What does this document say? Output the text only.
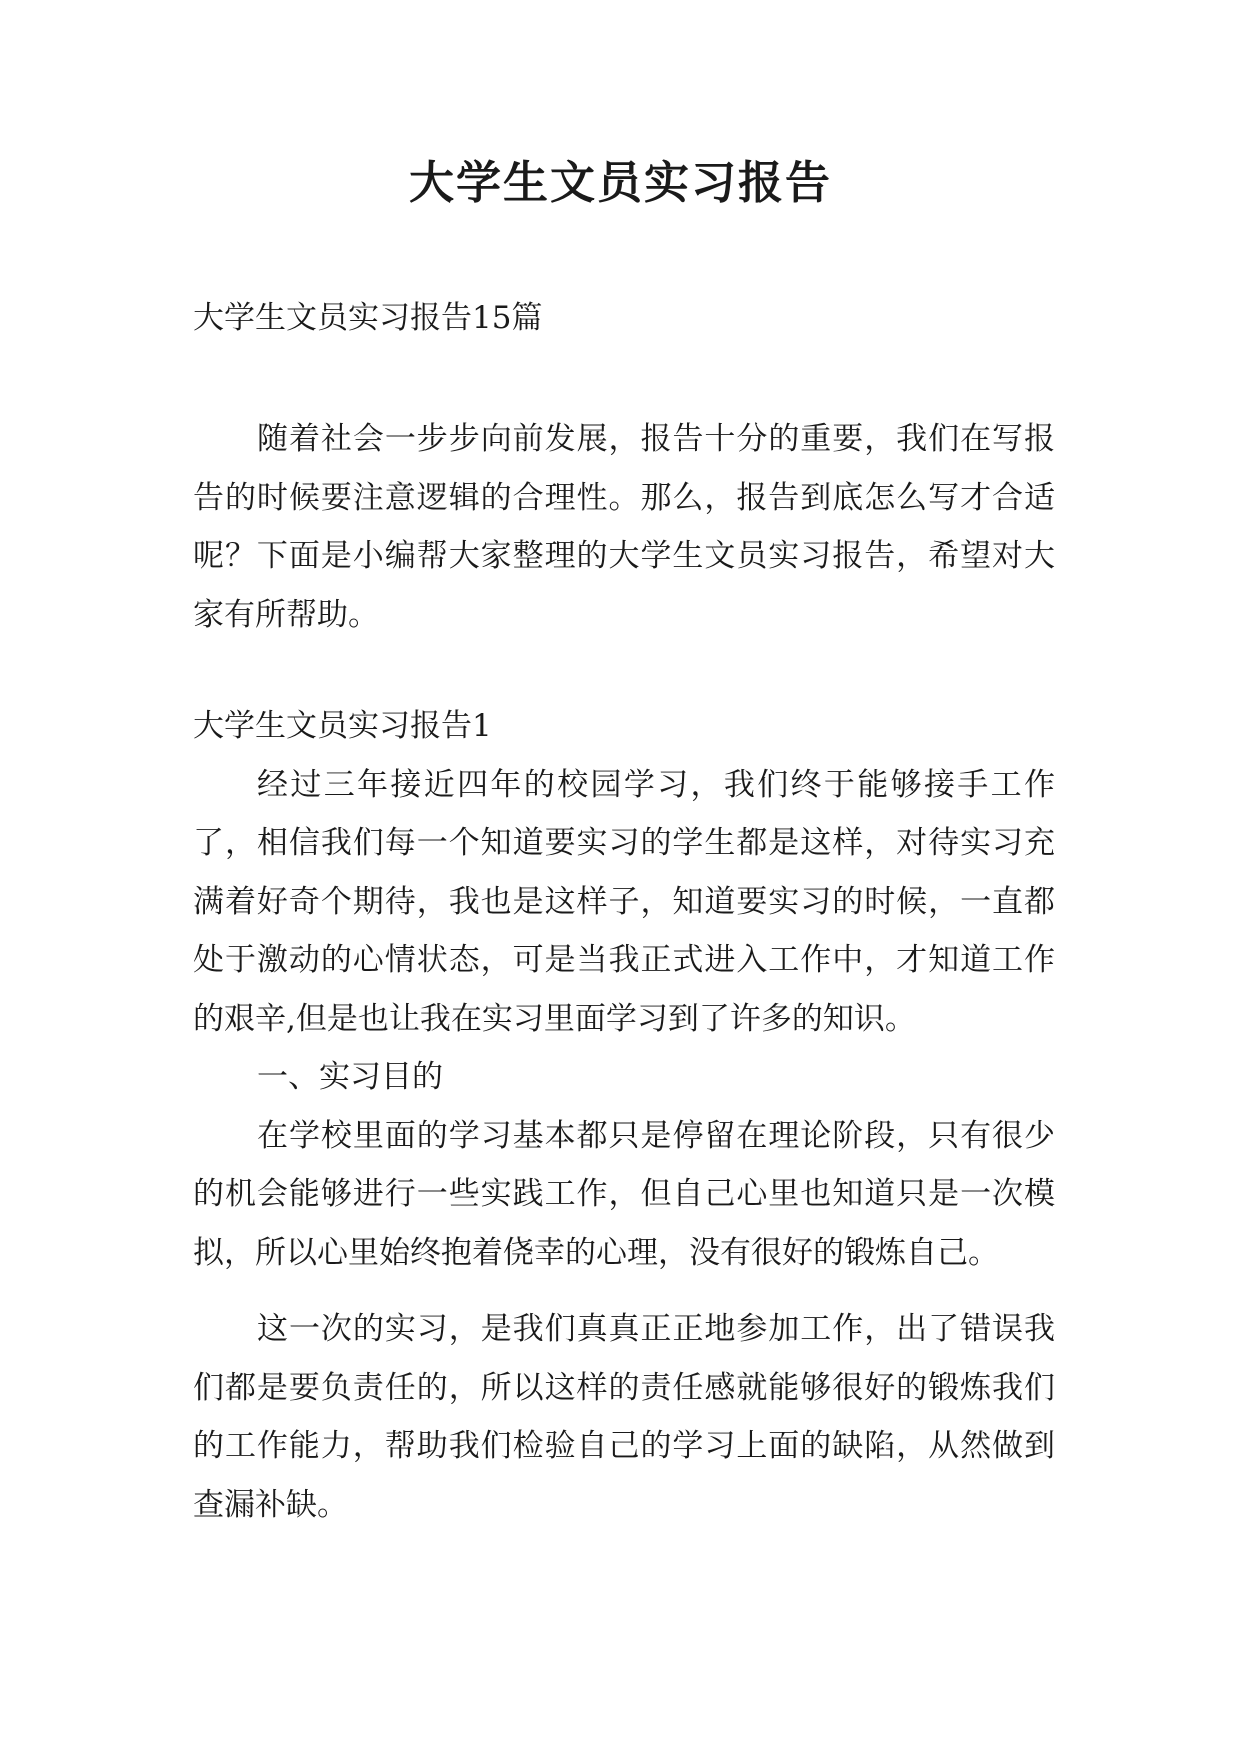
大学生文员实习报告
大学生文员实习报告15篇

随着社会一步步向前发展，报告十分的重要，我们在写报告的时候要注意逻辑的合理性。那么，报告到底怎么写才合适呢？下面是小编帮大家整理的大学生文员实习报告，希望对大家有所帮助。

大学生文员实习报告1

经过三年接近四年的校园学习，我们终于能够接手工作了，相信我们每一个知道要实习的学生都是这样，对待实习充满着好奇个期待，我也是这样子，知道要实习的时候，一直都处于激动的心情状态，可是当我正式进入工作中，才知道工作的艰辛,但是也让我在实习里面学习到了许多的知识。

一、实习目的

在学校里面的学习基本都只是停留在理论阶段，只有很少的机会能够进行一些实践工作，但自己心里也知道只是一次模拟，所以心里始终抱着侥幸的心理，没有很好的锻炼自己。

这一次的实习，是我们真真正正地参加工作，出了错误我们都是要负责任的，所以这样的责任感就能够很好的锻炼我们的工作能力，帮助我们检验自己的学习上面的缺陷，从然做到查漏补缺。
